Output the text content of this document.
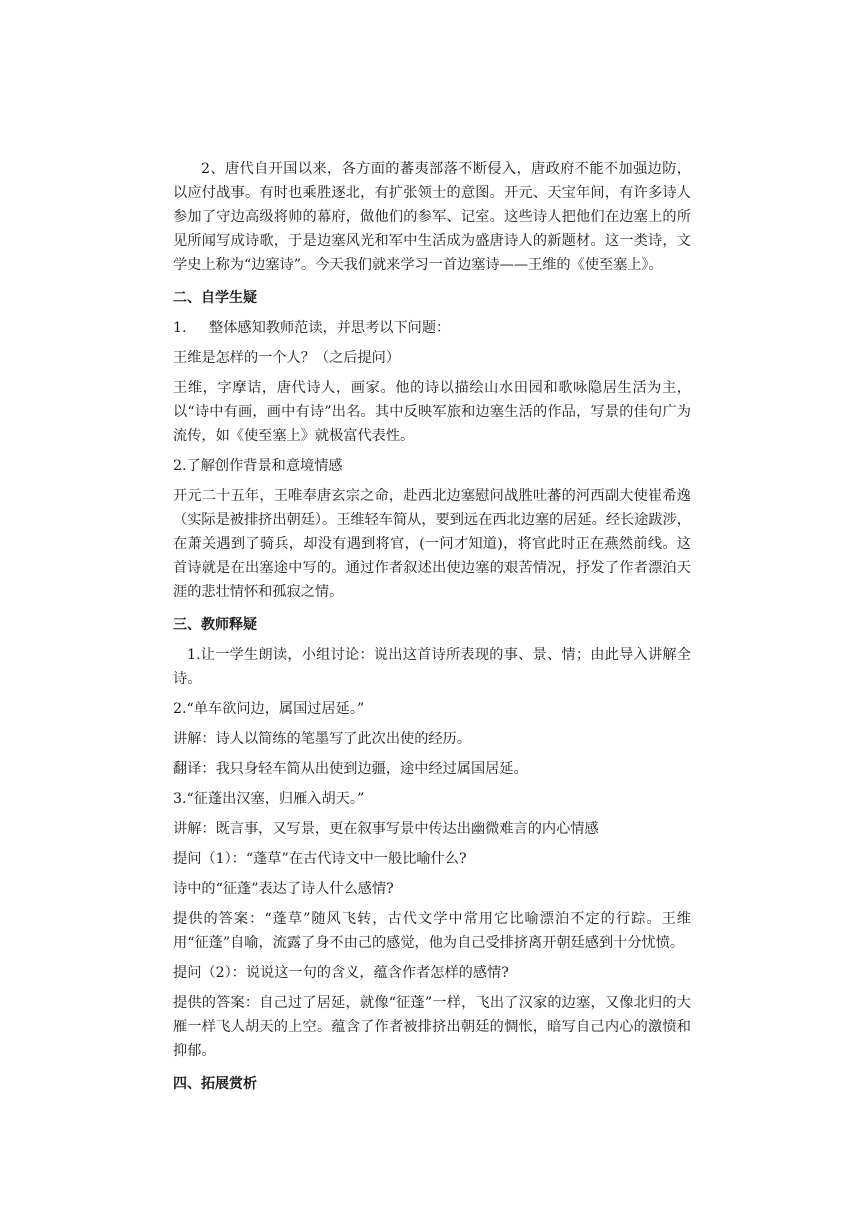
2、唐代自开国以来，各方面的蕃夷部落不断侵入，唐政府不能不加强边防，以应付战事。有时也乘胜逐北，有扩张领士的意图。开元、天宝年间，有许多诗人参加了守边高级将帅的幕府，做他们的参军、记室。这些诗人把他们在边塞上的所见所闻写成诗歌，于是边塞风光和军中生活成为盛唐诗人的新题材。这一类诗，文学史上称为“边塞诗”。今天我们就来学习一首边塞诗——王维的《使至塞上》。

二、自学生疑

1. 整体感知教师范读，并思考以下问题：

王维是怎样的一个人？（之后提问）

王维，字摩诘，唐代诗人，画家。他的诗以描绘山水田园和歌咏隐居生活为主，以“诗中有画，画中有诗”出名。其中反映军旅和边塞生活的作品，写景的佳句广为流传，如《使至塞上》就极富代表性。

2.了解创作背景和意境情感

开元二十五年，王唯奉唐玄宗之命，赴西北边塞慰问战胜吐蕃的河西副大使崔希逸（实际是被排挤出朝廷）。王维轻车简从，要到远在西北边塞的居延。经长途跋涉，在萧关遇到了骑兵，却没有遇到将官，(一问才知道)，将官此时正在燕然前线。这首诗就是在出塞途中写的。通过作者叙述出使边塞的艰苦情况，抒发了作者漂泊天涯的悲壮情怀和孤寂之情。

三、教师释疑

1.让一学生朗读，小组讨论：说出这首诗所表现的事、景、情；由此导入讲解全诗。

2.“单车欲问边，属国过居延。”

讲解：诗人以简练的笔墨写了此次出使的经历。

翻译：我只身轻车简从出使到边疆，途中经过属国居延。

3.“征蓬出汉塞，归雁入胡天。”

讲解：既言事，又写景，更在叙事写景中传达出幽微难言的内心情感

提问（1）：“蓬草”在古代诗文中一般比喻什么?

诗中的“征蓬”表达了诗人什么感情?

提供的答案：“蓬草”随风飞转，古代文学中常用它比喻漂泊不定的行踪。王维用“征蓬”自喻，流露了身不由己的感觉，他为自己受排挤离开朝廷感到十分忧愤。

提问（2）：说说这一句的含义，蕴含作者怎样的感情?

提供的答案：自己过了居延，就像“征蓬”一样，飞出了汉家的边塞，又像北归的大雁一样飞人胡天的上空。蕴含了作者被排挤出朝廷的惆怅，暗写自己内心的激愤和抑郁。

四、拓展赏析
